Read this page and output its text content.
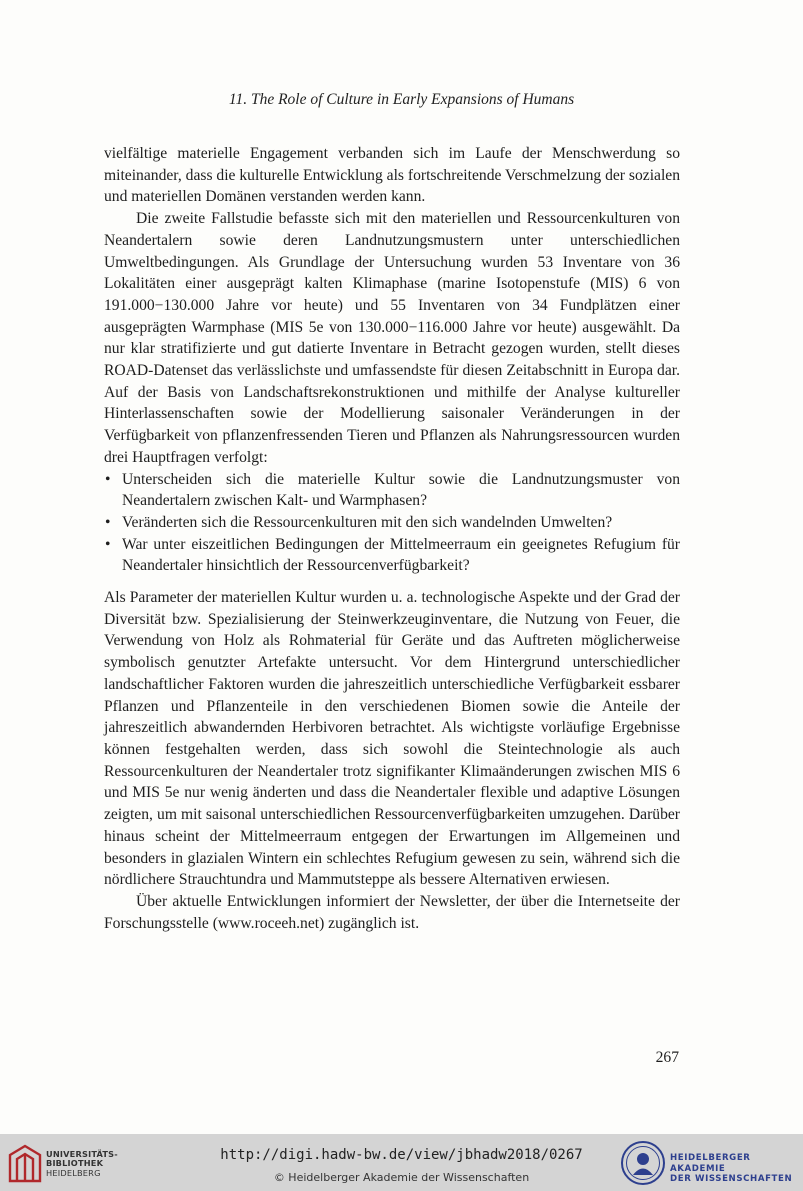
11. The Role of Culture in Early Expansions of Humans

vielfältige materielle Engagement verbanden sich im Laufe der Menschwerdung so miteinander, dass die kulturelle Entwicklung als fortschreitende Verschmelzung der sozialen und materiellen Domänen verstanden werden kann.

Die zweite Fallstudie befasste sich mit den materiellen und Ressourcenkulturen von Neandertalern sowie deren Landnutzungsmustern unter unterschiedlichen Umweltbedingungen. Als Grundlage der Untersuchung wurden 53 Inventare von 36 Lokalitäten einer ausgeprägt kalten Klimaphase (marine Isotopenstufe (MIS) 6 von 191.000−130.000 Jahre vor heute) und 55 Inventaren von 34 Fundplätzen einer ausgeprägten Warmphase (MIS 5e von 130.000−116.000 Jahre vor heute) ausgewählt. Da nur klar stratifizierte und gut datierte Inventare in Betracht gezogen wurden, stellt dieses ROAD-Datenset das verlässlichste und umfassendste für diesen Zeitabschnitt in Europa dar. Auf der Basis von Landschaftsrekonstruktionen und mithilfe der Analyse kultureller Hinterlassenschaften sowie der Modellierung saisonaler Veränderungen in der Verfügbarkeit von pflanzenfressenden Tieren und Pflanzen als Nahrungsressourcen wurden drei Hauptfragen verfolgt:

• Unterscheiden sich die materielle Kultur sowie die Landnutzungsmuster von Neandertalern zwischen Kalt- und Warmphasen?
• Veränderten sich die Ressourcenkulturen mit den sich wandelnden Umwelten?
• War unter eiszeitlichen Bedingungen der Mittelmeerraum ein geeignetes Refugium für Neandertaler hinsichtlich der Ressourcenverfügbarkeit?

Als Parameter der materiellen Kultur wurden u. a. technologische Aspekte und der Grad der Diversität bzw. Spezialisierung der Steinwerkzeuginventare, die Nutzung von Feuer, die Verwendung von Holz als Rohmaterial für Geräte und das Auftreten möglicherweise symbolisch genutzter Artefakte untersucht. Vor dem Hintergrund unterschiedlicher landschaftlicher Faktoren wurden die jahreszeitlich unterschiedliche Verfügbarkeit essbarer Pflanzen und Pflanzenteile in den verschiedenen Biomen sowie die Anteile der jahreszeitlich abwandernden Herbivoren betrachtet. Als wichtigste vorläufige Ergebnisse können festgehalten werden, dass sich sowohl die Steintechnologie als auch Ressourcenkulturen der Neandertaler trotz signifikanter Klimaänderungen zwischen MIS 6 und MIS 5e nur wenig änderten und dass die Neandertaler flexible und adaptive Lösungen zeigten, um mit saisonal unterschiedlichen Ressourcenverfügbarkeiten umzugehen. Darüber hinaus scheint der Mittelmeerraum entgegen der Erwartungen im Allgemeinen und besonders in glazialen Wintern ein schlechtes Refugium gewesen zu sein, während sich die nördlichere Strauchtundra und Mammutsteppe als bessere Alternativen erwiesen.

Über aktuelle Entwicklungen informiert der Newsletter, der über die Internetseite der Forschungsstelle (www.roceeh.net) zugänglich ist.

267
UNIVERSITÄTS-
BIBLIOTHEK
HEIDELBERG
http://digi.hadw-bw.de/view/jbhadw2018/0267
© Heidelberger Akademie der Wissenschaften
HEIDELBERGER AKADEMIE
DER WISSENSCHAFTEN
